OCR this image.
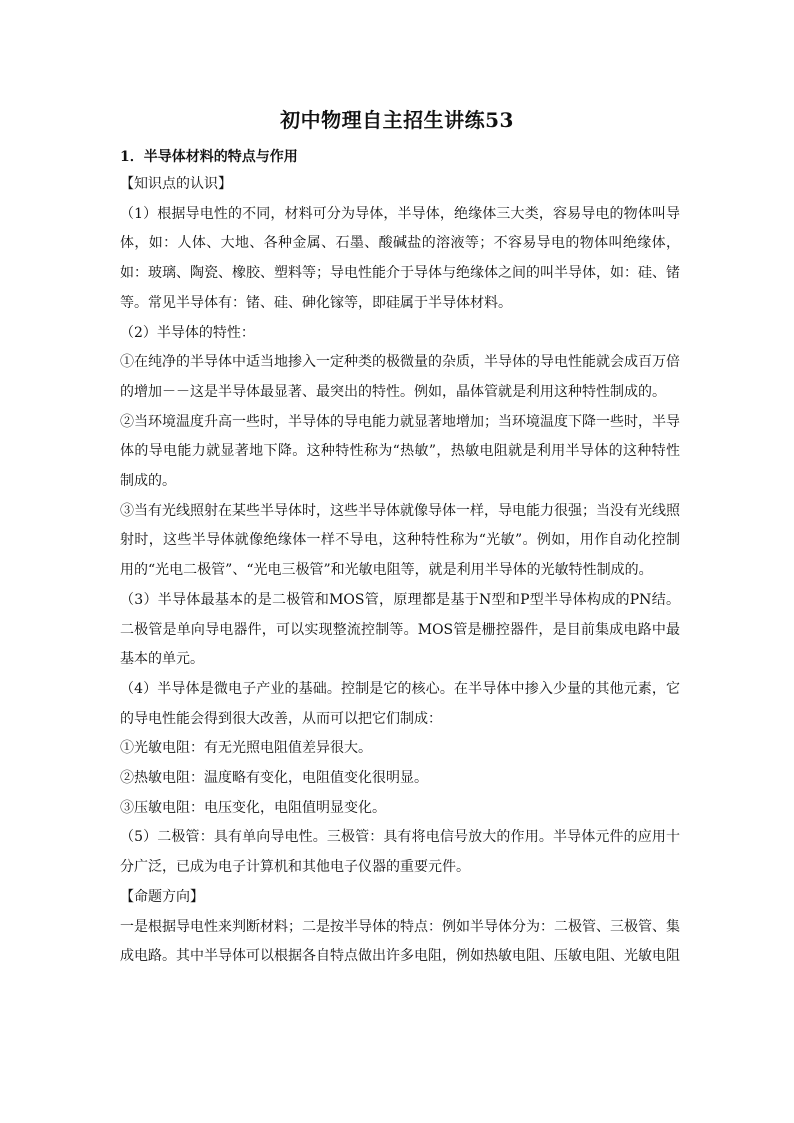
初中物理自主招生讲练53
1．半导体材料的特点与作用

【知识点的认识】

（1）根据导电性的不同，材料可分为导体，半导体，绝缘体三大类，容易导电的物体叫导体，如：人体、大地、各种金属、石墨、酸碱盐的溶液等；不容易导电的物体叫绝缘体，如：玻璃、陶瓷、橡胶、塑料等；导电性能介于导体与绝缘体之间的叫半导体，如：硅、锗等。常见半导体有：锗、硅、砷化镓等，即硅属于半导体材料。

（2）半导体的特性：

①在纯净的半导体中适当地掺入一定种类的极微量的杂质，半导体的导电性能就会成百万倍的增加－－这是半导体最显著、最突出的特性。例如，晶体管就是利用这种特性制成的。

②当环境温度升高一些时，半导体的导电能力就显著地增加；当环境温度下降一些时，半导体的导电能力就显著地下降。这种特性称为“热敏”，热敏电阻就是利用半导体的这种特性制成的。

③当有光线照射在某些半导体时，这些半导体就像导体一样，导电能力很强；当没有光线照射时，这些半导体就像绝缘体一样不导电，这种特性称为“光敏”。例如，用作自动化控制用的“光电二极管”、“光电三极管”和光敏电阻等，就是利用半导体的光敏特性制成的。

（3）半导体最基本的是二极管和MOS管，原理都是基于N型和P型半导体构成的PN结。二极管是单向导电器件，可以实现整流控制等。MOS管是栅控器件，是目前集成电路中最基本的单元。

（4）半导体是微电子产业的基础。控制是它的核心。在半导体中掺入少量的其他元素，它的导电性能会得到很大改善，从而可以把它们制成：

①光敏电阻：有无光照电阻值差异很大。

②热敏电阻：温度略有变化，电阻值变化很明显。

③压敏电阻：电压变化，电阻值明显变化。

（5）二极管：具有单向导电性。三极管：具有将电信号放大的作用。半导体元件的应用十分广泛，已成为电子计算机和其他电子仪器的重要元件。

【命题方向】

一是根据导电性来判断材料；二是按半导体的特点：例如半导体分为：二极管、三极管、集成电路。其中半导体可以根据各自特点做出许多电阻，例如热敏电阻、压敏电阻、光敏电阻
